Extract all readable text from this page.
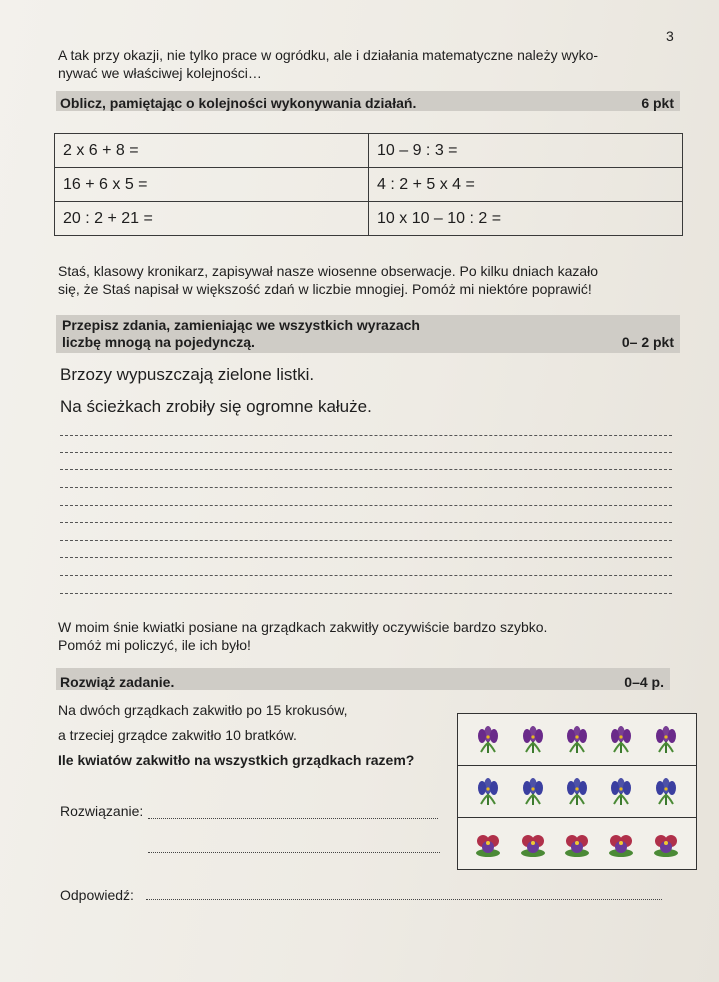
3
A tak przy okazji, nie tylko prace w ogródku, ale i działania matematyczne należy wyko-
nywać we właściwej kolejności…
Oblicz, pamiętając o kolejności wykonywania działań.	6 pkt
2 x 6 + 8 =	10 – 9 : 3 =
16 + 6 x 5 =	4 : 2 + 5 x 4 =
20 : 2 + 21 =	10 x 10 – 10 : 2 =
Staś, klasowy kronikarz, zapisywał nasze wiosenne obserwacje. Po kilku dniach kazało
się, że Staś napisał w większość zdań w liczbie mnogiej. Pomóż mi niektóre poprawić!
Przepisz zdania, zamieniając we wszystkich wyrazach
liczbę mnogą na pojedynczą.	0– 2 pkt
Brzozy wypuszczają zielone listki.
Na ścieżkach zrobiły się ogromne kałuże.
W moim śnie kwiatki posiane na grządkach zakwitły oczywiście bardzo szybko.
Pomóż mi policzyć, ile ich było!
Rozwiąż zadanie.	0–4 p.
Na dwóch grządkach zakwitło po 15 krokusów,
a trzeciej grządce zakwitło 10 bratków.
Ile kwiatów zakwitło na wszystkich grządkach razem?
Rozwiązanie:
Odpowiedź:
